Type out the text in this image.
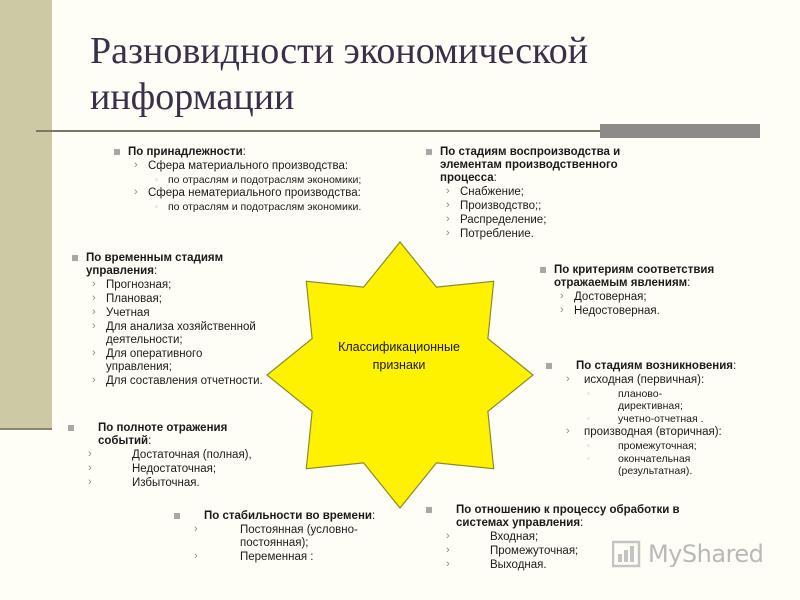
Разновидности экономической информации
Классификационные признаки
По принадлежности:
› Сфера материального производства:
◦ по отраслям и подотраслям экономики;
› Сфера нематериального производства:
◦ по отраслям и подотраслям экономики.
По стадиям воспроизводства и элементам производственного процесса:
› Снабжение;
› Производство;;
› Распределение;
› Потребление.
По временным стадиям управления:
› Прогнозная;
› Плановая;
› Учетная
› Для анализа хозяйственной деятельности;
› Для оперативного управления;
› Для составления отчетности.
По критериям соответствия отражаемым явлениям:
› Достоверная;
› Недостоверная.
По стадиям возникновения:
› исходная (первичная):
◦ планово-директивная;
◦ учетно-отчетная .
› производная (вторичная):
◦ промежуточная;
◦ окончательная (результатная).
По полноте отражения событий:
› Достаточная (полная),
› Недостаточная;
› Избыточная.
По стабильности во времени:
› Постоянная (условно-постоянная);
› Переменная :
По отношению к процессу обработки в системах управления:
› Входная;
› Промежуточная;
› Выходная.	MyShared
